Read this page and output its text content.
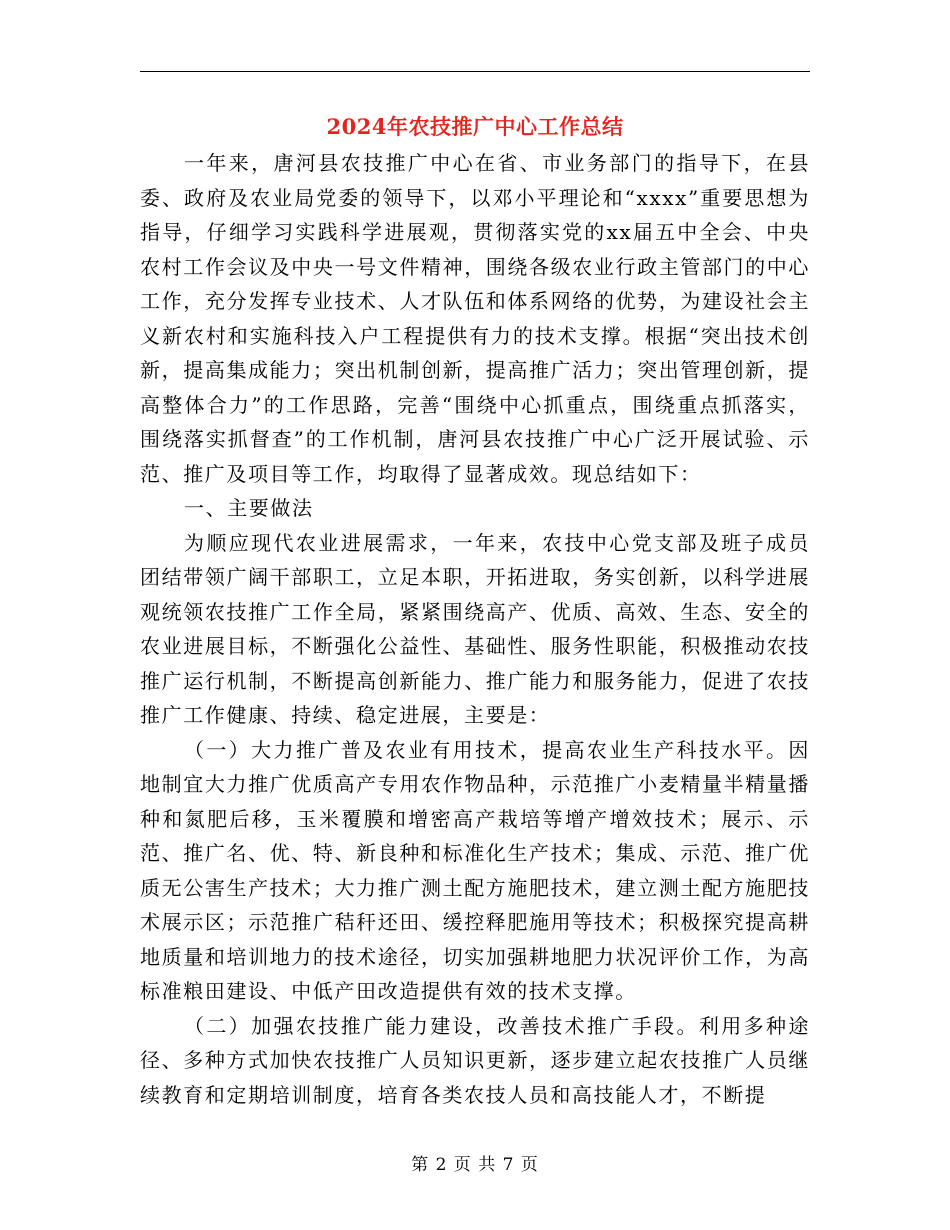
2024年农技推广中心工作总结

一年来，唐河县农技推广中心在省、市业务部门的指导下，在县委、政府及农业局党委的领导下，以邓小平理论和“xxxx”重要思想为指导，仔细学习实践科学进展观，贯彻落实党的xx届五中全会、中央农村工作会议及中央一号文件精神，围绕各级农业行政主管部门的中心工作，充分发挥专业技术、人才队伍和体系网络的优势，为建设社会主义新农村和实施科技入户工程提供有力的技术支撑。根据“突出技术创新，提高集成能力；突出机制创新，提高推广活力；突出管理创新，提高整体合力”的工作思路，完善“围绕中心抓重点，围绕重点抓落实，围绕落实抓督查”的工作机制，唐河县农技推广中心广泛开展试验、示范、推广及项目等工作，均取得了显著成效。现总结如下：

一、主要做法

为顺应现代农业进展需求，一年来，农技中心党支部及班子成员团结带领广阔干部职工，立足本职，开拓进取，务实创新，以科学进展观统领农技推广工作全局，紧紧围绕高产、优质、高效、生态、安全的农业进展目标，不断强化公益性、基础性、服务性职能，积极推动农技推广运行机制，不断提高创新能力、推广能力和服务能力，促进了农技推广工作健康、持续、稳定进展，主要是：

（一）大力推广普及农业有用技术，提高农业生产科技水平。因地制宜大力推广优质高产专用农作物品种，示范推广小麦精量半精量播种和氮肥后移，玉米覆膜和增密高产栽培等增产增效技术；展示、示范、推广名、优、特、新良种和标准化生产技术；集成、示范、推广优质无公害生产技术；大力推广测土配方施肥技术，建立测土配方施肥技术展示区；示范推广秸秆还田、缓控释肥施用等技术；积极探究提高耕地质量和培训地力的技术途径，切实加强耕地肥力状况评价工作，为高标准粮田建设、中低产田改造提供有效的技术支撑。

（二）加强农技推广能力建设，改善技术推广手段。利用多种途径、多种方式加快农技推广人员知识更新，逐步建立起农技推广人员继续教育和定期培训制度，培育各类农技人员和高技能人才，不断提

第 2 页 共 7 页
